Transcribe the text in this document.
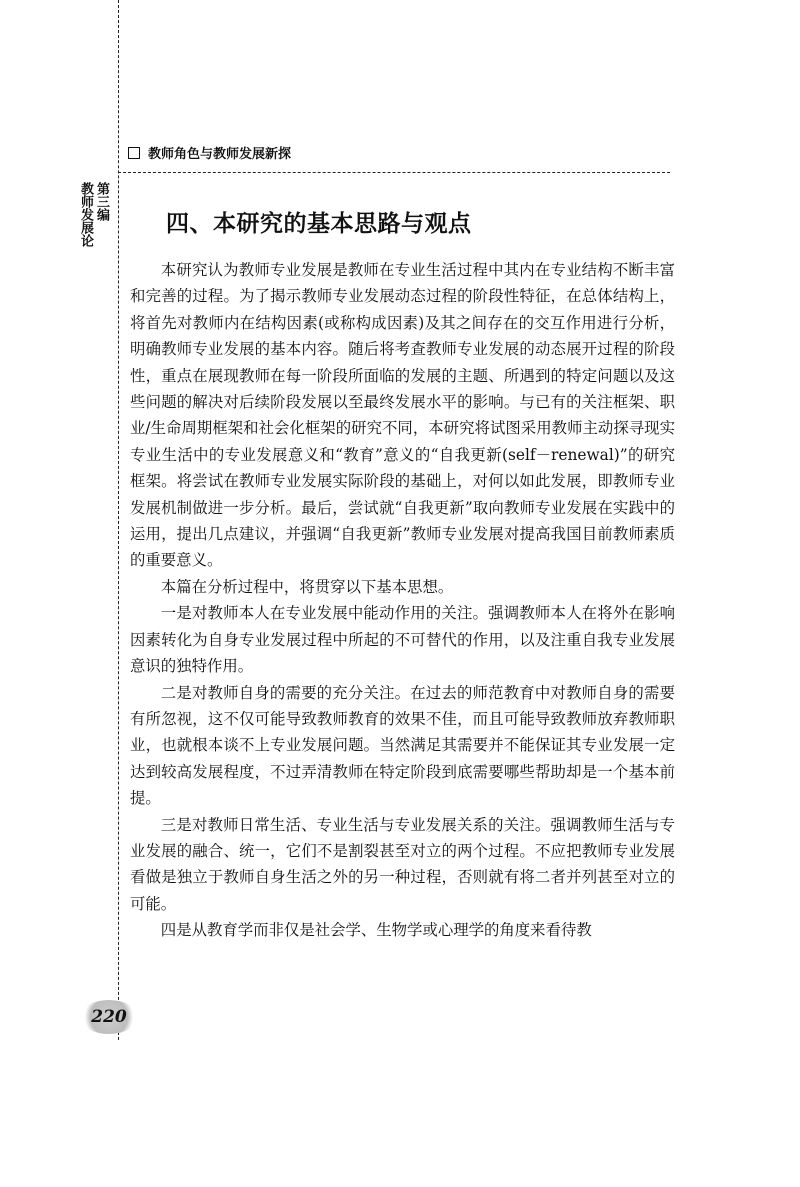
教师角色与教师发展新探
第三编
教师发展论	四、本研究的基本思路与观点

本研究认为教师专业发展是教师在专业生活过程中其内在专业结构不断丰富和完善的过程。为了揭示教师专业发展动态过程的阶段性特征，在总体结构上，将首先对教师内在结构因素(或称构成因素)及其之间存在的交互作用进行分析，明确教师专业发展的基本内容。随后将考查教师专业发展的动态展开过程的阶段性，重点在展现教师在每一阶段所面临的发展的主题、所遇到的特定问题以及这些问题的解决对后续阶段发展以至最终发展水平的影响。与已有的关注框架、职业/生命周期框架和社会化框架的研究不同，本研究将试图采用教师主动探寻现实专业生活中的专业发展意义和“教育”意义的“自我更新(self－renewal)”的研究框架。将尝试在教师专业发展实际阶段的基础上，对何以如此发展，即教师专业发展机制做进一步分析。最后，尝试就“自我更新”取向教师专业发展在实践中的运用，提出几点建议，并强调“自我更新”教师专业发展对提高我国目前教师素质的重要意义。

本篇在分析过程中，将贯穿以下基本思想。

一是对教师本人在专业发展中能动作用的关注。强调教师本人在将外在影响因素转化为自身专业发展过程中所起的不可替代的作用，以及注重自我专业发展意识的独特作用。

二是对教师自身的需要的充分关注。在过去的师范教育中对教师自身的需要有所忽视，这不仅可能导致教师教育的效果不佳，而且可能导致教师放弃教师职业，也就根本谈不上专业发展问题。当然满足其需要并不能保证其专业发展一定达到较高发展程度，不过弄清教师在特定阶段到底需要哪些帮助却是一个基本前提。

三是对教师日常生活、专业生活与专业发展关系的关注。强调教师生活与专业发展的融合、统一，它们不是割裂甚至对立的两个过程。不应把教师专业发展看做是独立于教师自身生活之外的另一种过程，否则就有将二者并列甚至对立的可能。

四是从教育学而非仅是社会学、生物学或心理学的角度来看待教

220
